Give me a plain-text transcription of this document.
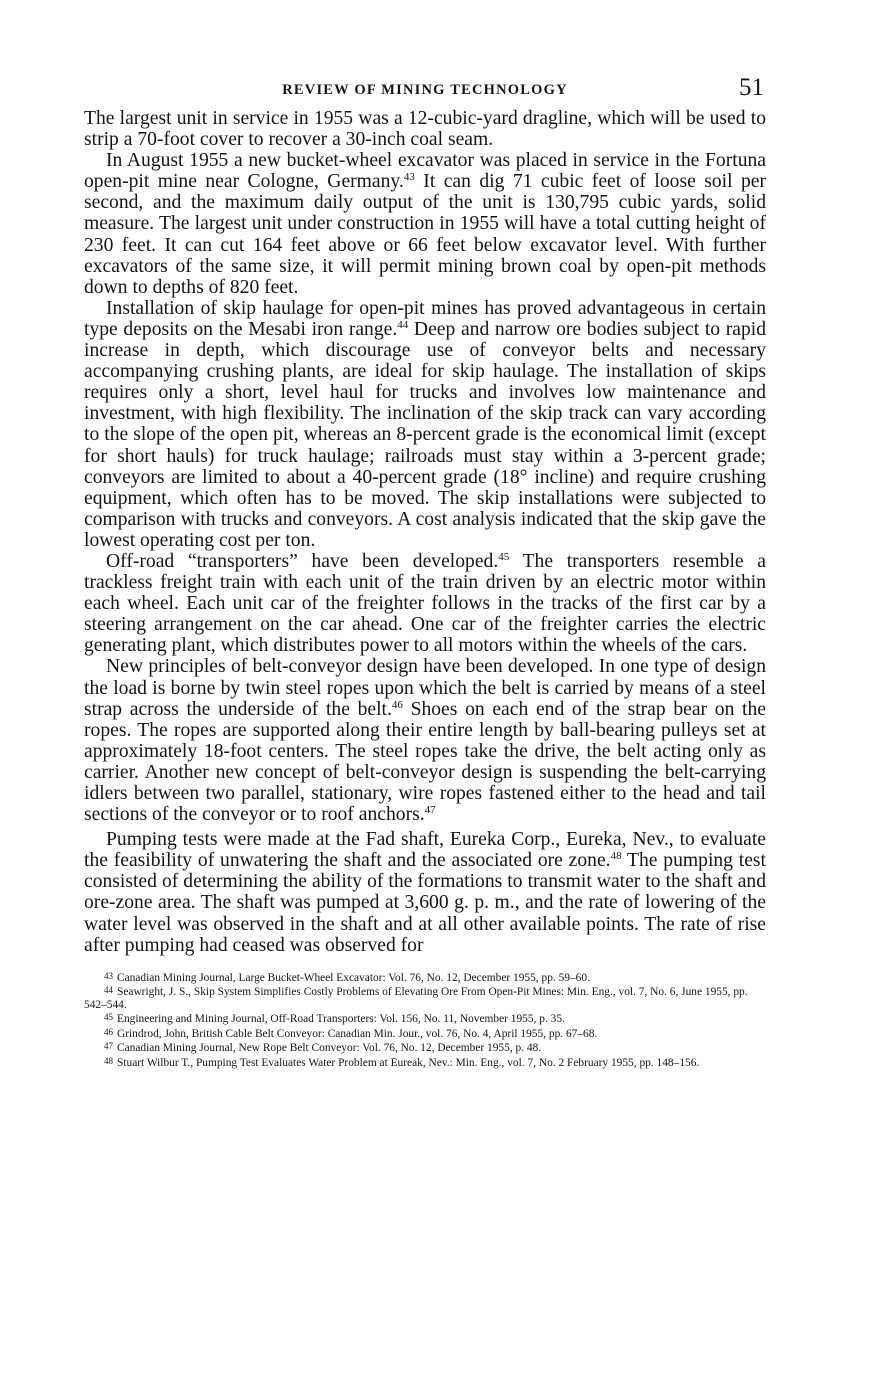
REVIEW OF MINING TECHNOLOGY	51

The largest unit in service in 1955 was a 12-cubic-yard dragline, which will be used to strip a 70-foot cover to recover a 30-inch coal seam.

In August 1955 a new bucket-wheel excavator was placed in service in the Fortuna open-pit mine near Cologne, Germany.$^{43}$ It can dig 71 cubic feet of loose soil per second, and the maximum daily output of the unit is 130,795 cubic yards, solid measure. The largest unit under construction in 1955 will have a total cutting height of 230 feet. It can cut 164 feet above or 66 feet below excavator level. With further excavators of the same size, it will permit mining brown coal by open-pit methods down to depths of 820 feet.

Installation of skip haulage for open-pit mines has proved advantageous in certain type deposits on the Mesabi iron range.$^{44}$ Deep and narrow ore bodies subject to rapid increase in depth, which discourage use of conveyor belts and necessary accompanying crushing plants, are ideal for skip haulage. The installation of skips requires only a short, level haul for trucks and involves low maintenance and investment, with high flexibility. The inclination of the skip track can vary according to the slope of the open pit, whereas an 8-percent grade is the economical limit (except for short hauls) for truck haulage; railroads must stay within a 3-percent grade; conveyors are limited to about a 40-percent grade (18° incline) and require crushing equipment, which often has to be moved. The skip installations were subjected to comparison with trucks and conveyors. A cost analysis indicated that the skip gave the lowest operating cost per ton.

Off-road “transporters” have been developed.$^{45}$ The transporters resemble a trackless freight train with each unit of the train driven by an electric motor within each wheel. Each unit car of the freighter follows in the tracks of the first car by a steering arrangement on the car ahead. One car of the freighter carries the electric generating plant, which distributes power to all motors within the wheels of the cars.

New principles of belt-conveyor design have been developed. In one type of design the load is borne by twin steel ropes upon which the belt is carried by means of a steel strap across the underside of the belt.$^{46}$ Shoes on each end of the strap bear on the ropes. The ropes are supported along their entire length by ball-bearing pulleys set at approximately 18-foot centers. The steel ropes take the drive, the belt acting only as carrier. Another new concept of belt-conveyor design is suspending the belt-carrying idlers between two parallel, stationary, wire ropes fastened either to the head and tail sections of the conveyor or to roof anchors.$^{47}$

Pumping tests were made at the Fad shaft, Eureka Corp., Eureka, Nev., to evaluate the feasibility of unwatering the shaft and the associated ore zone.$^{48}$ The pumping test consisted of determining the ability of the formations to transmit water to the shaft and ore-zone area. The shaft was pumped at 3,600 g. p. m., and the rate of lowering of the water level was observed in the shaft and at all other available points. The rate of rise after pumping had ceased was observed for

43 Canadian Mining Journal, Large Bucket-Wheel Excavator: Vol. 76, No. 12, December 1955, pp. 59–60.

44 Seawright, J. S., Skip System Simplifies Costly Problems of Elevating Ore From Open-Pit Mines: Min. Eng., vol. 7, No. 6, June 1955, pp. 542–544.

45 Engineering and Mining Journal, Off-Road Transporters: Vol. 156, No. 11, November 1955, p. 35.

46 Grindrod, John, British Cable Belt Conveyor: Canadian Min. Jour., vol. 76, No. 4, April 1955, pp. 67–68.

47 Canadian Mining Journal, New Rope Belt Conveyor: Vol. 76, No. 12, December 1955, p. 48.

48 Stuart Wilbur T., Pumping Test Evaluates Water Problem at Eureak, Nev.: Min. Eng., vol. 7, No. 2 February 1955, pp. 148–156.
